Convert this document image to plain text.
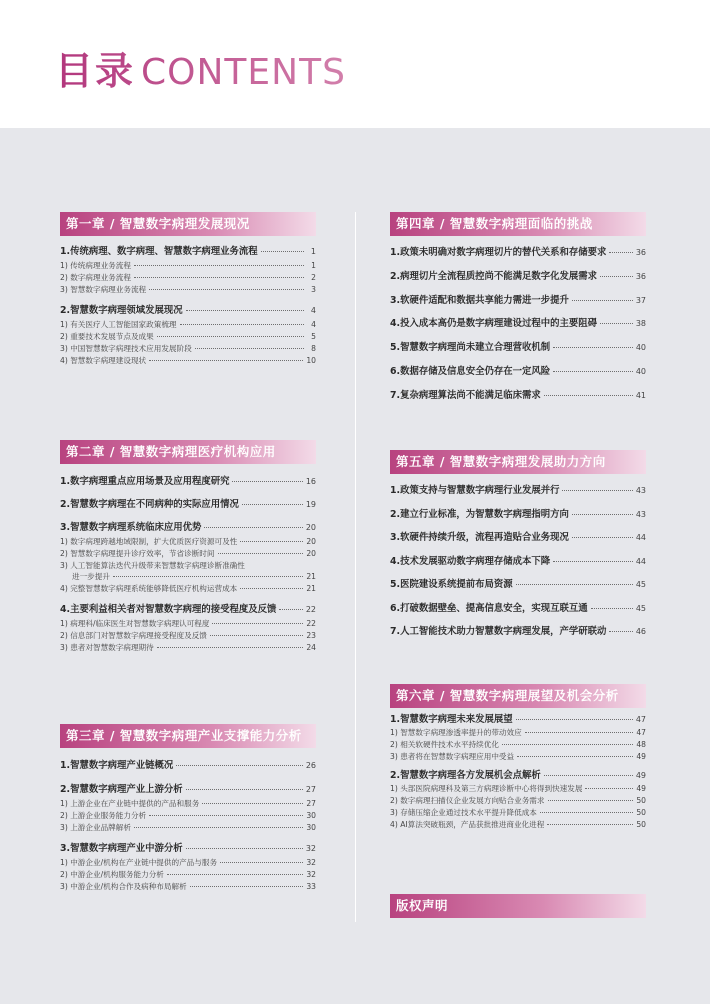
目录 CONTENTS
第一章 / 智慧数字病理发展现况
1.传统病理、数字病理、智慧数字病理业务流程	1
1) 传统病理业务流程	1
2) 数字病理业务流程	2
3) 智慧数字病理业务流程	3
2.智慧数字病理领域发展现况	4
1) 有关医疗人工智能国家政策梳理	4
2) 重要技术发展节点及成果	5
3) 中国智慧数字病理技术应用发展阶段	8
4) 智慧数字病理建设现状	10
第二章 / 智慧数字病理医疗机构应用
1.数字病理重点应用场景及应用程度研究	16
2.智慧数字病理在不同病种的实际应用情况	19
3.智慧数字病理系统临床应用优势	20
1) 数字病理跨越地域限制，扩大优质医疗资源可及性	20
2) 智慧数字病理提升诊疗效率，节省诊断时间	20
3) 人工智能算法迭代升级带来智慧数字病理诊断准确性
进一步提升	21
4) 完整智慧数字病理系统能够降低医疗机构运营成本	21
4.主要利益相关者对智慧数字病理的接受程度及反馈	22
1) 病理科/临床医生对智慧数字病理认可程度	22
2) 信息部门对智慧数字病理接受程度及反馈	23
3) 患者对智慧数字病理期待	24
第三章 / 智慧数字病理产业支撑能力分析
1.智慧数字病理产业链概况	26
2.智慧数字病理产业上游分析	27
1) 上游企业在产业链中提供的产品和服务	27
2) 上游企业服务能力分析	30
3) 上游企业品牌解析	30
3.智慧数字病理产业中游分析	32
1) 中游企业/机构在产业链中提供的产品与服务	32
2) 中游企业/机构服务能力分析	32
3) 中游企业/机构合作及病种布局解析	33
第四章 / 智慧数字病理面临的挑战
1.政策未明确对数字病理切片的替代关系和存储要求	36
2.病理切片全流程质控尚不能满足数字化发展需求	36
3.软硬件适配和数据共享能力需进一步提升	37
4.投入成本高仍是数字病理建设过程中的主要阻碍	38
5.智慧数字病理尚未建立合理营收机制	40
6.数据存储及信息安全仍存在一定风险	40
7.复杂病理算法尚不能满足临床需求	41
第五章 / 智慧数字病理发展助力方向
1.政策支持与智慧数字病理行业发展并行	43
2.建立行业标准，为智慧数字病理指明方向	43
3.软硬件持续升级，流程再造贴合业务现况	44
4.技术发展驱动数字病理存储成本下降	44
5.医院建设系统提前布局资源	45
6.打破数据壁垒、提高信息安全，实现互联互通	45
7.人工智能技术助力智慧数字病理发展，产学研联动	46
第六章 / 智慧数字病理展望及机会分析
1.智慧数字病理未来发展展望	47
1) 智慧数字病理渗透率提升的带动效应	47
2) 相关软硬件技术水平持续优化	48
3) 患者将在智慧数字病理应用中受益	49
2.智慧数字病理各方发展机会点解析	49
1) 头部医院病理科及第三方病理诊断中心将得到快速发展	49
2) 数字病理扫描仪企业发展方向贴合业务需求	50
3) 存储压缩企业通过技术水平提升降低成本	50
4) AI算法突破瓶颈，产品获批推进商业化进程	50
版权声明
